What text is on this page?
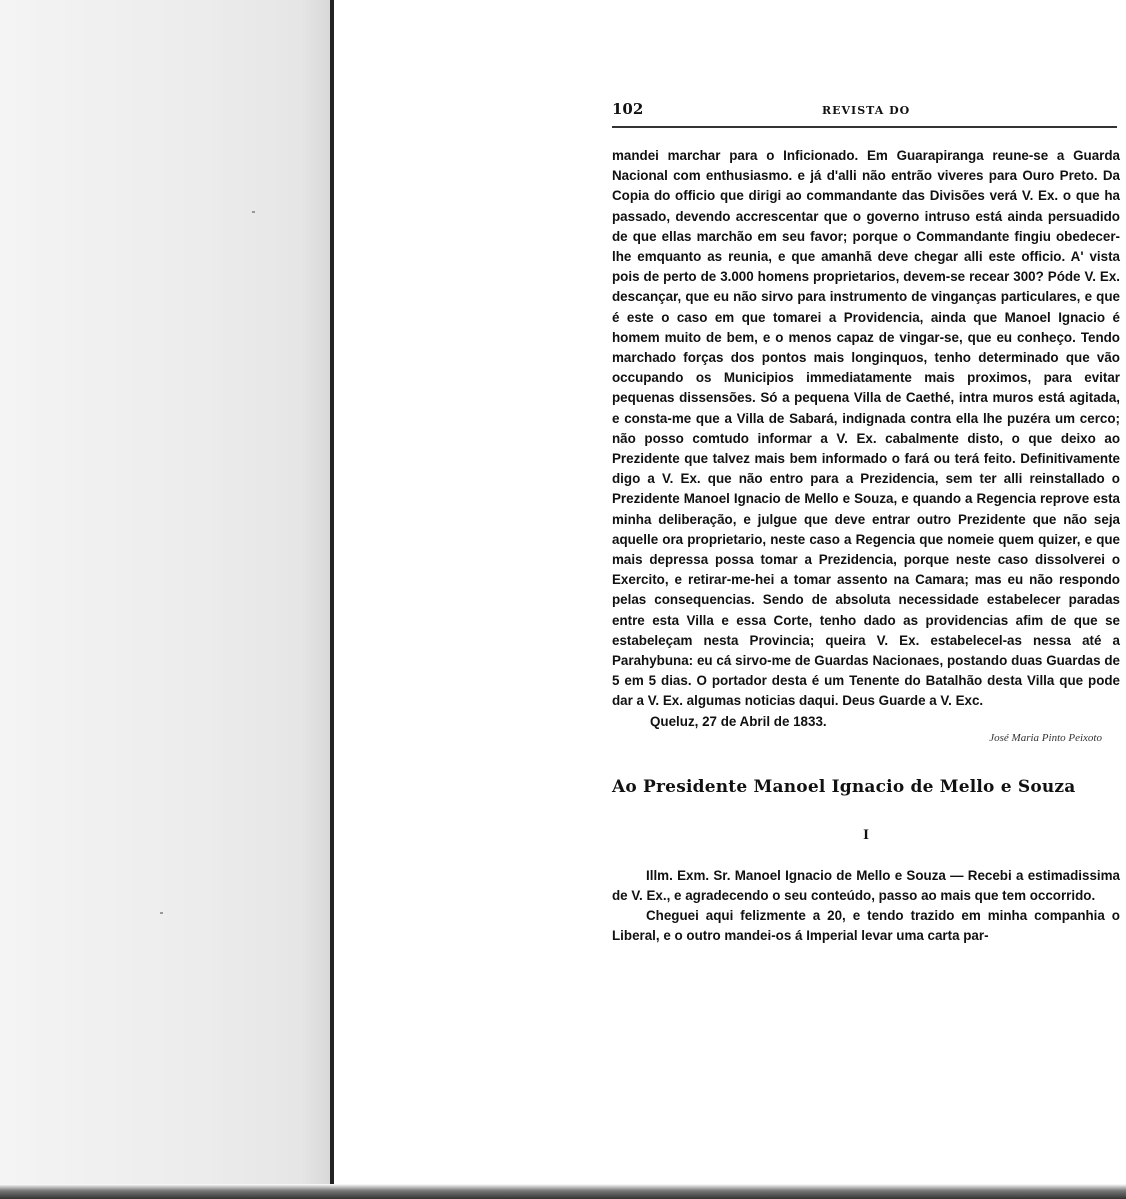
102	REVISTA DO

mandei marchar para o Inficionado. Em Guarapiranga reune-se a Guarda Nacional com enthusiasmo. e já d'alli não entrão viveres para Ouro Preto. Da Copia do officio que dirigi ao commandante das Divisões verá V. Ex. o que ha passado, devendo accrescentar que o governo intruso está ainda persuadido de que ellas marchão em seu favor; porque o Commandante fingiu obedecer-lhe emquanto as reunia, e que amanhã deve chegar alli este officio. A' vista pois de perto de 3.000 homens proprietarios, devem-se recear 300? Póde V. Ex. descançar, que eu não sirvo para instrumento de vinganças particulares, e que é este o caso em que tomarei a Providencia, ainda que Manoel Ignacio é homem muito de bem, e o menos capaz de vingar-se, que eu conheço. Tendo marchado forças dos pontos mais longinquos, tenho determinado que vão occupando os Municipios immediatamente mais proximos, para evitar pequenas dissensões. Só a pequena Villa de Caethé, intra muros está agitada, e consta-me que a Villa de Sabará, indignada contra ella lhe puzéra um cerco; não posso comtudo informar a V. Ex. cabalmente disto, o que deixo ao Prezidente que talvez mais bem informado o fará ou terá feito. Definitivamente digo a V. Ex. que não entro para a Prezidencia, sem ter alli reinstallado o Prezidente Manoel Ignacio de Mello e Souza, e quando a Regencia reprove esta minha deliberação, e julgue que deve entrar outro Prezidente que não seja aquelle ora proprietario, neste caso a Regencia que nomeie quem quizer, e que mais depressa possa tomar a Prezidencia, porque neste caso dissolverei o Exercito, e retirar-me-hei a tomar assento na Camara; mas eu não respondo pelas consequencias. Sendo de absoluta necessidade estabelecer paradas entre esta Villa e essa Corte, tenho dado as providencias afim de que se estabeleçam nesta Provincia; queira V. Ex. estabelecel-as nessa até a Parahybuna: eu cá sirvo-me de Guardas Nacionaes, postando duas Guardas de 5 em 5 dias. O portador desta é um Tenente do Batalhão desta Villa que pode dar a V. Ex. algumas noticias daqui. Deus Guarde a V. Exc.

Queluz, 27 de Abril de 1833.

José Maria Pinto Peixoto

Ao Presidente Manoel Ignacio de Mello e Souza
I

Illm. Exm. Sr. Manoel Ignacio de Mello e Souza — Recebi a estimadissima de V. Ex., e agradecendo o seu conteúdo, passo ao mais que tem occorrido.

Cheguei aqui felizmente a 20, e tendo trazido em minha companhia o Liberal, e o outro mandei-os á Imperial levar uma carta par-
